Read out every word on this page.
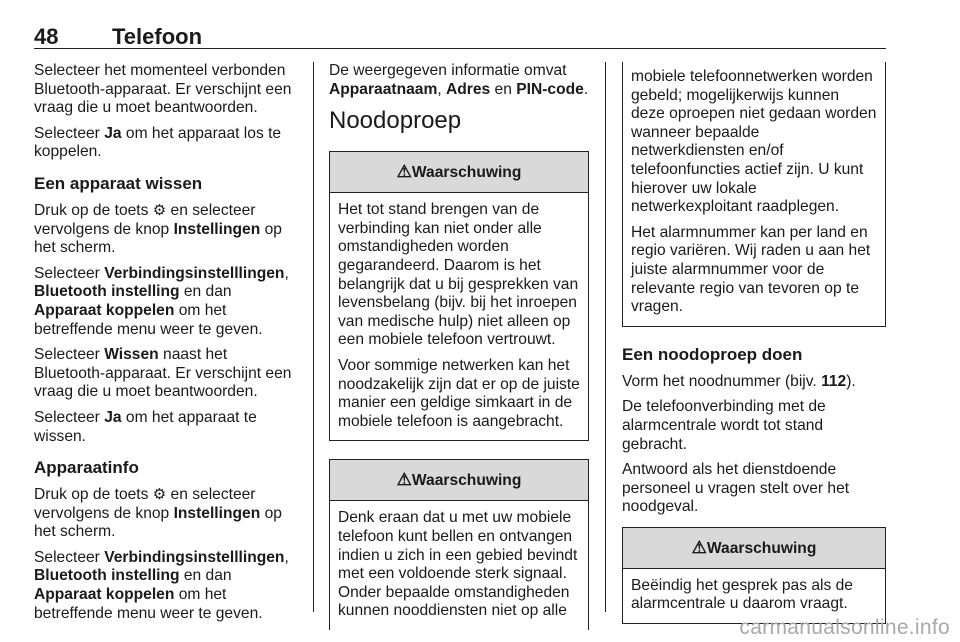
48 Telefoon

Selecteer het momenteel verbonden Bluetooth-apparaat. Er verschijnt een vraag die u moet beantwoorden.

Selecteer Ja om het apparaat los te koppelen.

Een apparaat wissen

Druk op de toets ⚙ en selecteer vervolgens de knop Instellingen op het scherm.

Selecteer Verbindingsinstelllingen, Bluetooth instelling en dan Apparaat koppelen om het betreffende menu weer te geven.

Selecteer Wissen naast het Bluetooth-apparaat. Er verschijnt een vraag die u moet beantwoorden.

Selecteer Ja om het apparaat te wissen.

Apparaatinfo

Druk op de toets ⚙ en selecteer vervolgens de knop Instellingen op het scherm.

Selecteer Verbindingsinstelllingen, Bluetooth instelling en dan Apparaat koppelen om het betreffende menu weer te geven.

De weergegeven informatie omvat Apparaatnaam, Adres en PIN-code.

Noodoproep
⚠Waarschuwing

Het tot stand brengen van de verbinding kan niet onder alle omstandigheden worden gegarandeerd. Daarom is het belangrijk dat u bij gesprekken van levensbelang (bijv. bij het inroepen van medische hulp) niet alleen op een mobiele telefoon vertrouwt.

Voor sommige netwerken kan het noodzakelijk zijn dat er op de juiste manier een geldige simkaart in de mobiele telefoon is aangebracht.

⚠Waarschuwing

Denk eraan dat u met uw mobiele telefoon kunt bellen en ontvangen indien u zich in een gebied bevindt met een voldoende sterk signaal. Onder bepaalde omstandigheden kunnen nooddiensten niet op alle

mobiele telefoonnetwerken worden gebeld; mogelijkerwijs kunnen deze oproepen niet gedaan worden wanneer bepaalde netwerkdiensten en/of telefoonfuncties actief zijn. U kunt hierover uw lokale netwerkexploitant raadplegen.

Het alarmnummer kan per land en regio variëren. Wij raden u aan het juiste alarmnummer voor de relevante regio van tevoren op te vragen.

Een noodoproep doen

Vorm het noodnummer (bijv. 112).

De telefoonverbinding met de alarmcentrale wordt tot stand gebracht.

Antwoord als het dienstdoende personeel u vragen stelt over het noodgeval.

⚠Waarschuwing

Beëindig het gesprek pas als de alarmcentrale u daarom vraagt.

carmanualsonline.info
